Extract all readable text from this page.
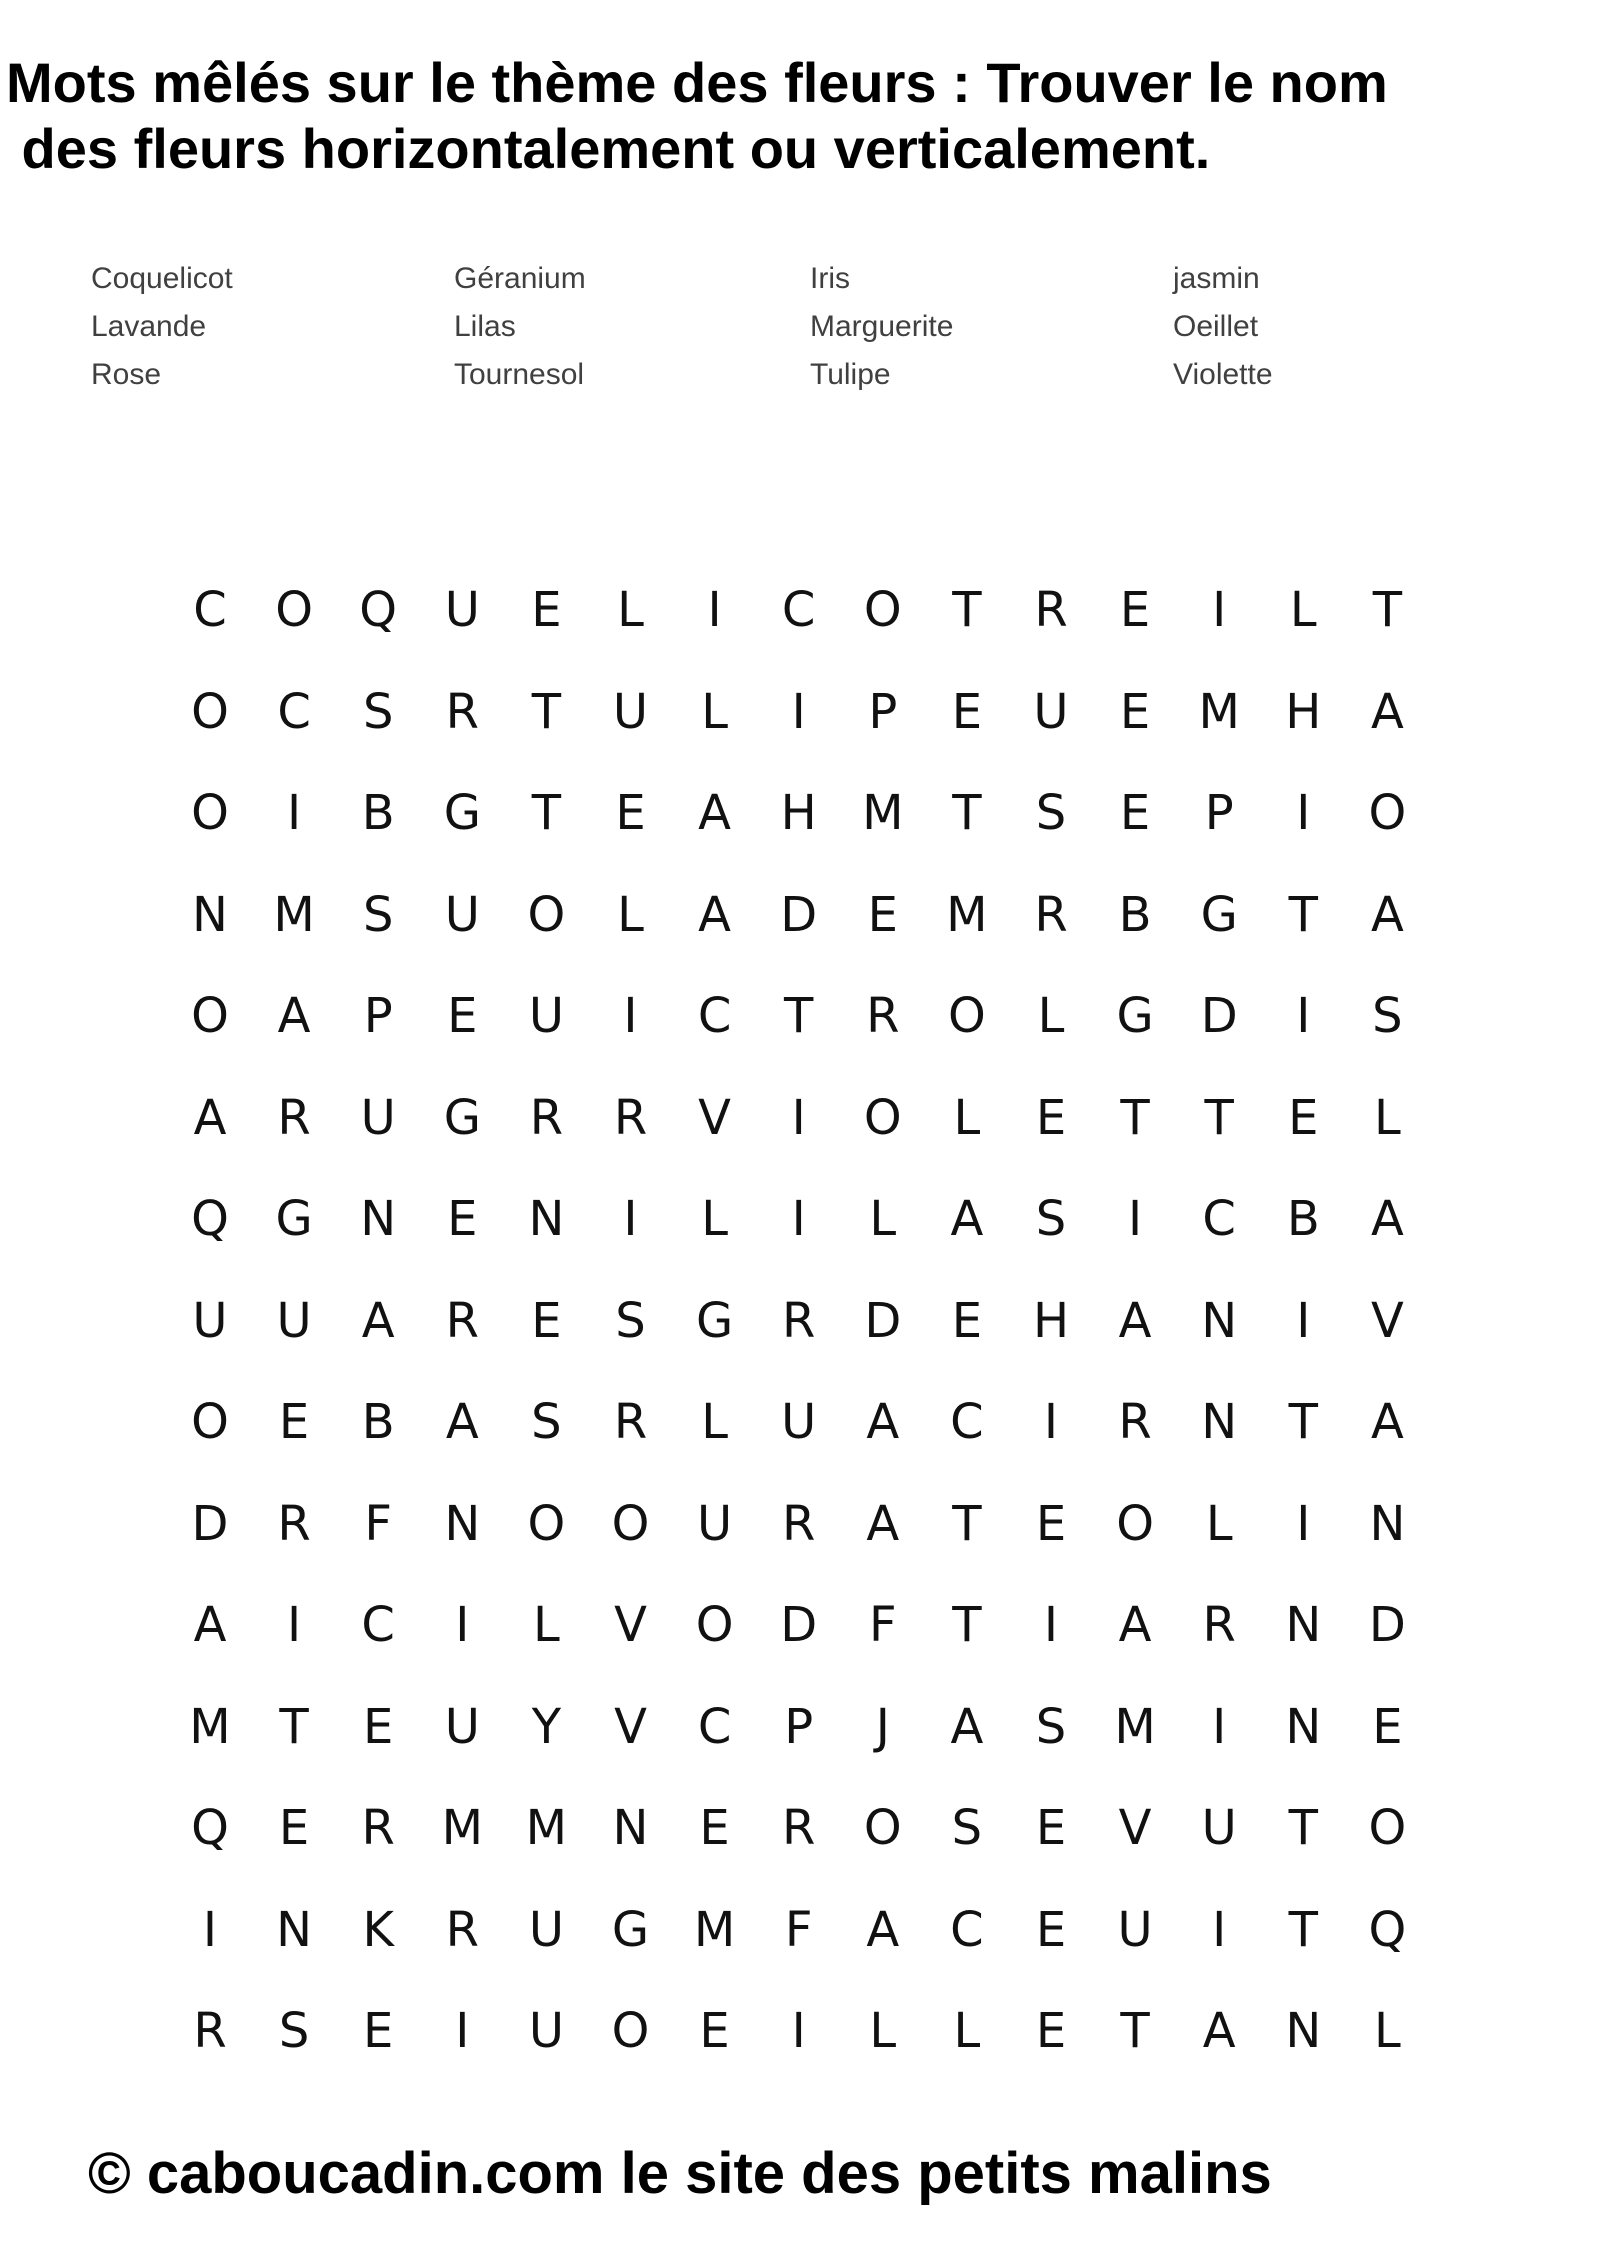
Mots mêlés sur le thème des fleurs : Trouver le nom
des fleurs horizontalement ou verticalement.
Coquelicot	Géranium	Iris	jasmin
Lavande	Lilas	Marguerite	Oeillet
Rose	Tournesol	Tulipe	Violette
C O Q U	E	L	I	C O	T	R	E	I	L	T
O C	S	R	T	U	L	I	P	E	U	E	M H A
O	I	B G	T	E	A H M	T	S	E	P	I	O
N M	S	U O	L	A D	E	M R B G	T	A
O A	P	E	U	I	C	T	R O	L	G D	I	S
A R U G R R V	I	O	L	E	T	T	E	L
Q G N	E	N	I	L	I	L	A	S	I	C B A
U U A R	E	S	G R D	E	H A N	I	V
O	E	B A	S	R	L	U A C	I	R N	T	A
D R	F	N O O U R A	T	E	O	L	I	N
A	I	C	I	L	V O D	F	T	I	A R N D
M	T	E	U	Y	V C	P	J	A	S	M	I	N	E
Q	E	R M M N	E	R O	S	E	V U	T	O
I	N K R U G M	F	A C	E	U	I	T	Q
R	S	E	I	U O	E	I	L	L	E	T	A N	L
© caboucadin.com le site des petits malins
